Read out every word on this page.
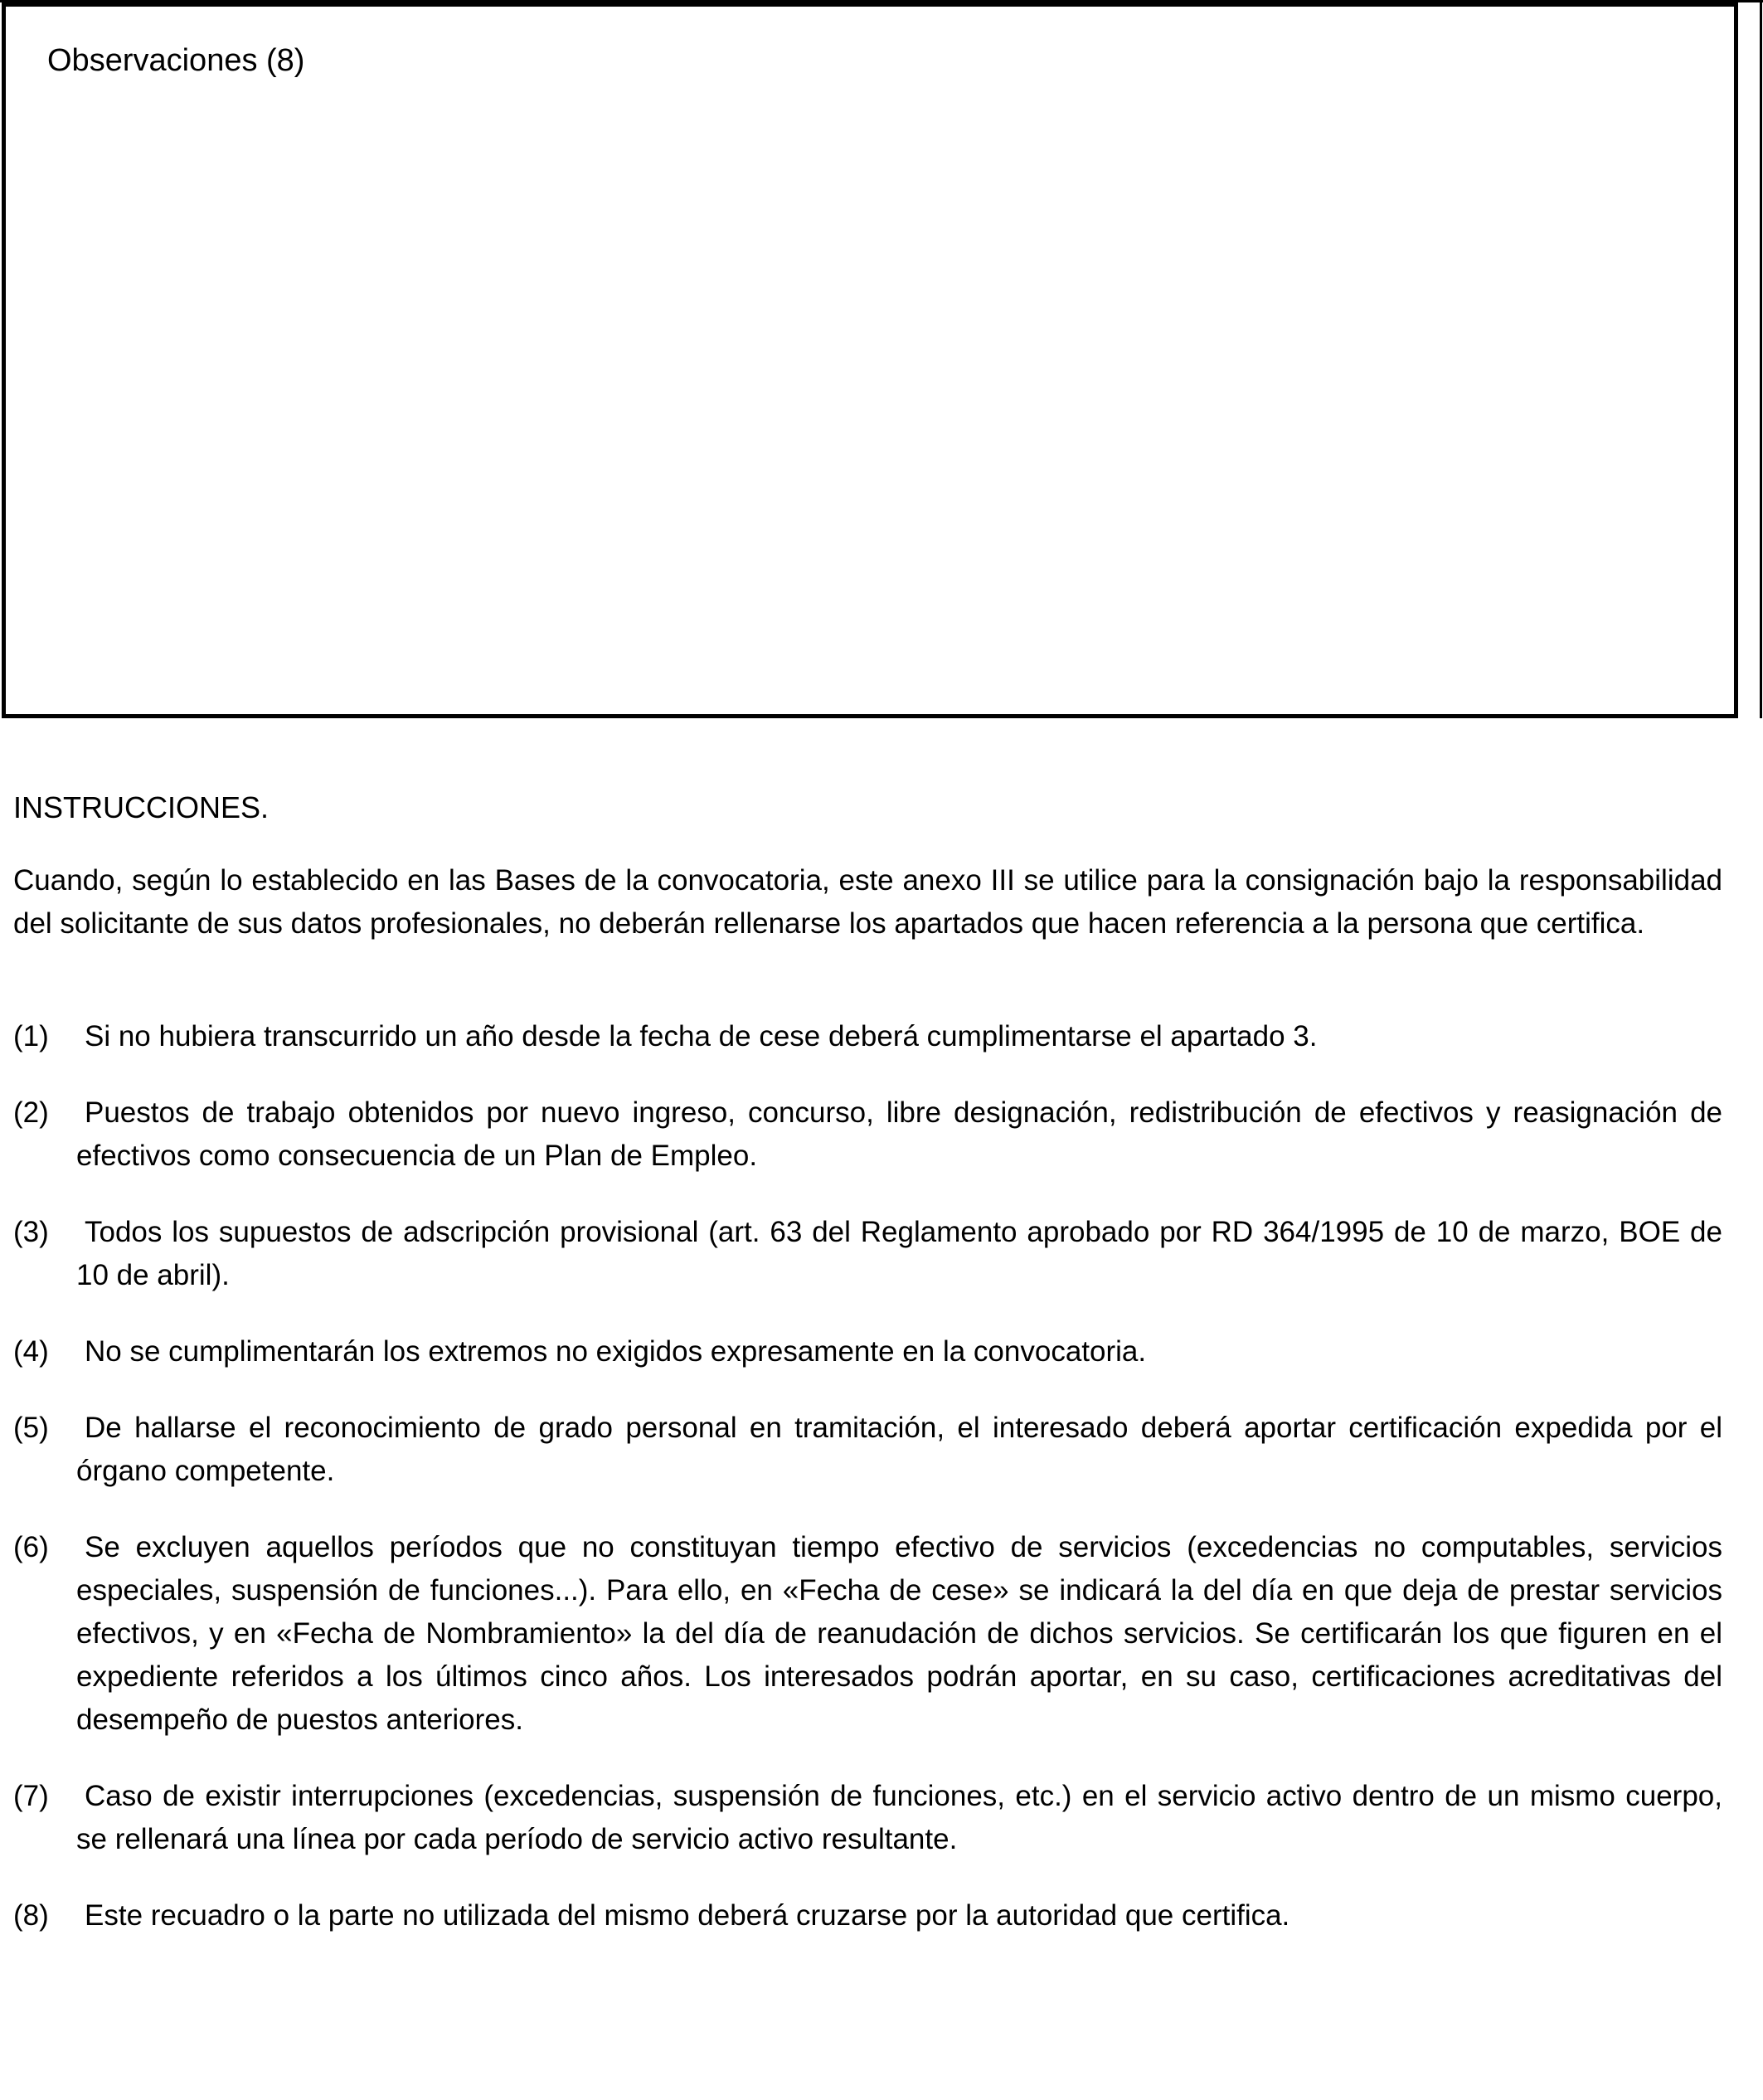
Observaciones (8)
INSTRUCCIONES.
Cuando, según lo establecido en las Bases de la convocatoria, este anexo III se utilice para la consignación bajo la responsabilidad del solicitante de sus datos profesionales, no deberán rellenarse los apartados que hacen referencia a la persona que certifica.
(1) Si no hubiera transcurrido un año desde la fecha de cese deberá cumplimentarse el apartado 3.
(2) Puestos de trabajo obtenidos por nuevo ingreso, concurso, libre designación, redistribución de efectivos y reasignación de efectivos como consecuencia de un Plan de Empleo.
(3) Todos los supuestos de adscripción provisional (art. 63 del Reglamento aprobado por RD 364/1995 de 10 de marzo, BOE de 10 de abril).
(4) No se cumplimentarán los extremos no exigidos expresamente en la convocatoria.
(5) De hallarse el reconocimiento de grado personal en tramitación, el interesado deberá aportar certificación expedida por el órgano competente.
(6) Se excluyen aquellos períodos que no constituyan tiempo efectivo de servicios (excedencias no computables, servicios especiales, suspensión de funciones...). Para ello, en «Fecha de cese» se indicará la del día en que deja de prestar servicios efectivos, y en «Fecha de Nombramiento» la del día de reanudación de dichos servicios. Se certificarán los que figuren en el expediente referidos a los últimos cinco años. Los interesados podrán aportar, en su caso, certificaciones acreditativas del desempeño de puestos anteriores.
(7) Caso de existir interrupciones (excedencias, suspensión de funciones, etc.) en el servicio activo dentro de un mismo cuerpo, se rellenará una línea por cada período de servicio activo resultante.
(8) Este recuadro o la parte no utilizada del mismo deberá cruzarse por la autoridad que certifica.
